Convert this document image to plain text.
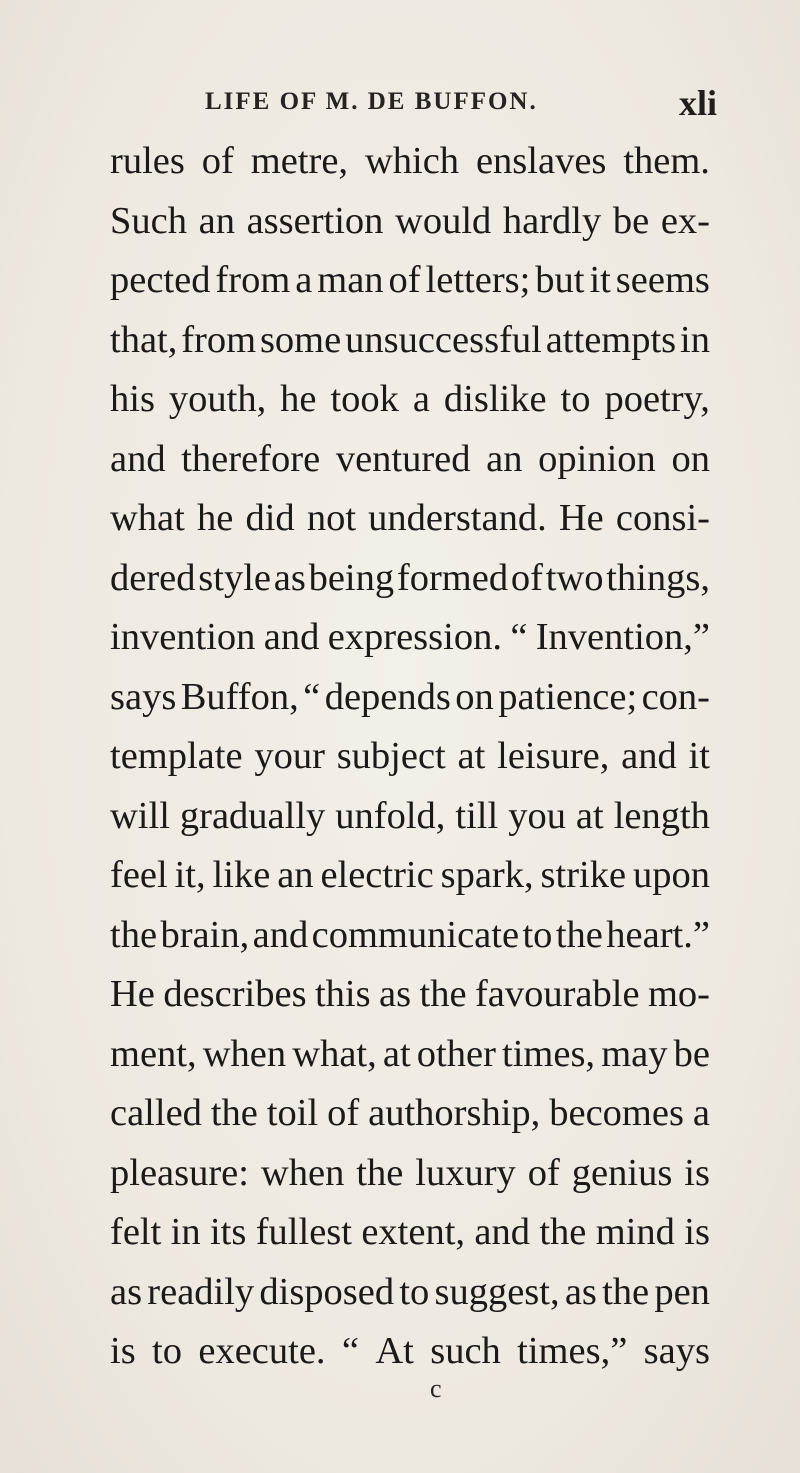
LIFE OF M. DE BUFFON.	xli
rules of metre, which enslaves them.
Such an assertion would hardly be ex-
pected from a man of letters; but it seems
that, from some unsuccessful attempts in
his youth, he took a dislike to poetry,
and therefore ventured an opinion on
what he did not understand. He consi-
dered style as being formed of two things,
invention and expression. “ Invention,”
says Buffon, “ depends on patience; con-
template your subject at leisure, and it
will gradually unfold, till you at length
feel it, like an electric spark, strike upon
the brain, and communicate to the heart.”
He describes this as the favourable mo-
ment, when what, at other times, may be
called the toil of authorship, becomes a
pleasure: when the luxury of genius is
felt in its fullest extent, and the mind is
as readily disposed to suggest, as the pen
is to execute. “ At such times,” says
c
